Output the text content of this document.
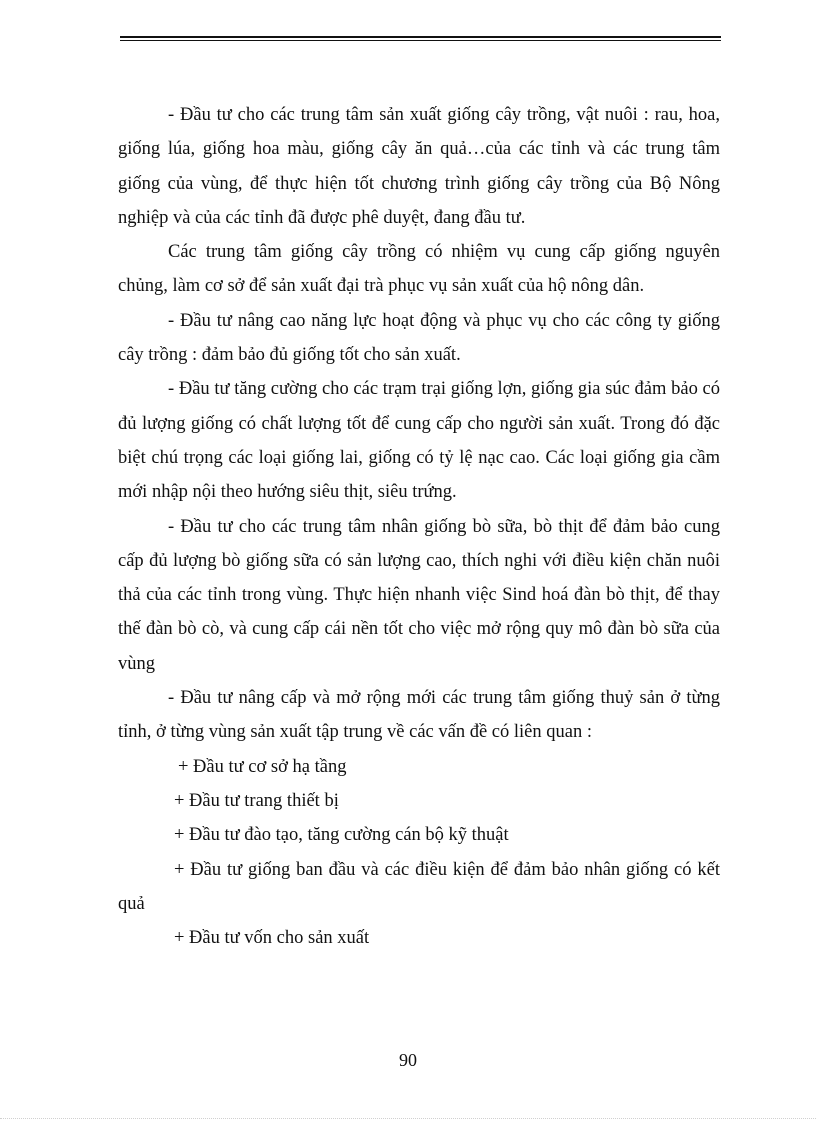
- Đầu tư cho các trung tâm sản xuất giống cây trồng, vật nuôi : rau, hoa, giống lúa, giống hoa màu, giống cây ăn quả…của các tỉnh và các trung tâm giống của vùng, để thực hiện tốt chương trình giống cây trồng của Bộ Nông nghiệp và của các tỉnh đã được phê duyệt, đang đầu tư.

Các trung tâm giống cây trồng có nhiệm vụ cung cấp giống nguyên chủng, làm cơ sở để sản xuất đại trà phục vụ sản xuất của hộ nông dân.

- Đầu tư nâng cao năng lực hoạt động và phục vụ cho các công ty giống cây trồng : đảm bảo đủ giống tốt cho sản xuất.

- Đầu tư tăng cường cho các trạm trại giống lợn, giống gia súc đảm bảo có đủ lượng giống có chất lượng tốt để cung cấp cho người sản xuất. Trong đó đặc biệt chú trọng các loại giống lai, giống có tỷ lệ nạc cao. Các loại giống gia cầm mới nhập nội theo hướng siêu thịt, siêu trứng.

- Đầu tư cho các trung tâm nhân giống bò sữa, bò thịt để đảm bảo cung cấp đủ lượng bò giống sữa có sản lượng cao, thích nghi với điều kiện chăn nuôi thả của các tỉnh trong vùng. Thực hiện nhanh việc Sind hoá đàn bò thịt, để thay thế đàn bò cò, và cung cấp cái nền tốt cho việc mở rộng quy mô đàn bò sữa của vùng

- Đầu tư nâng cấp và mở rộng mới các trung tâm giống thuỷ sản ở từng tỉnh, ở từng vùng sản xuất tập trung về các vấn đề có liên quan :

+ Đầu tư cơ sở hạ tầng

+ Đầu tư trang thiết bị

+ Đầu tư đào tạo, tăng cường cán bộ kỹ thuật

+ Đầu tư giống ban đầu và các điều kiện để đảm bảo nhân giống có kết quả

+ Đầu tư vốn cho sản xuất

90
